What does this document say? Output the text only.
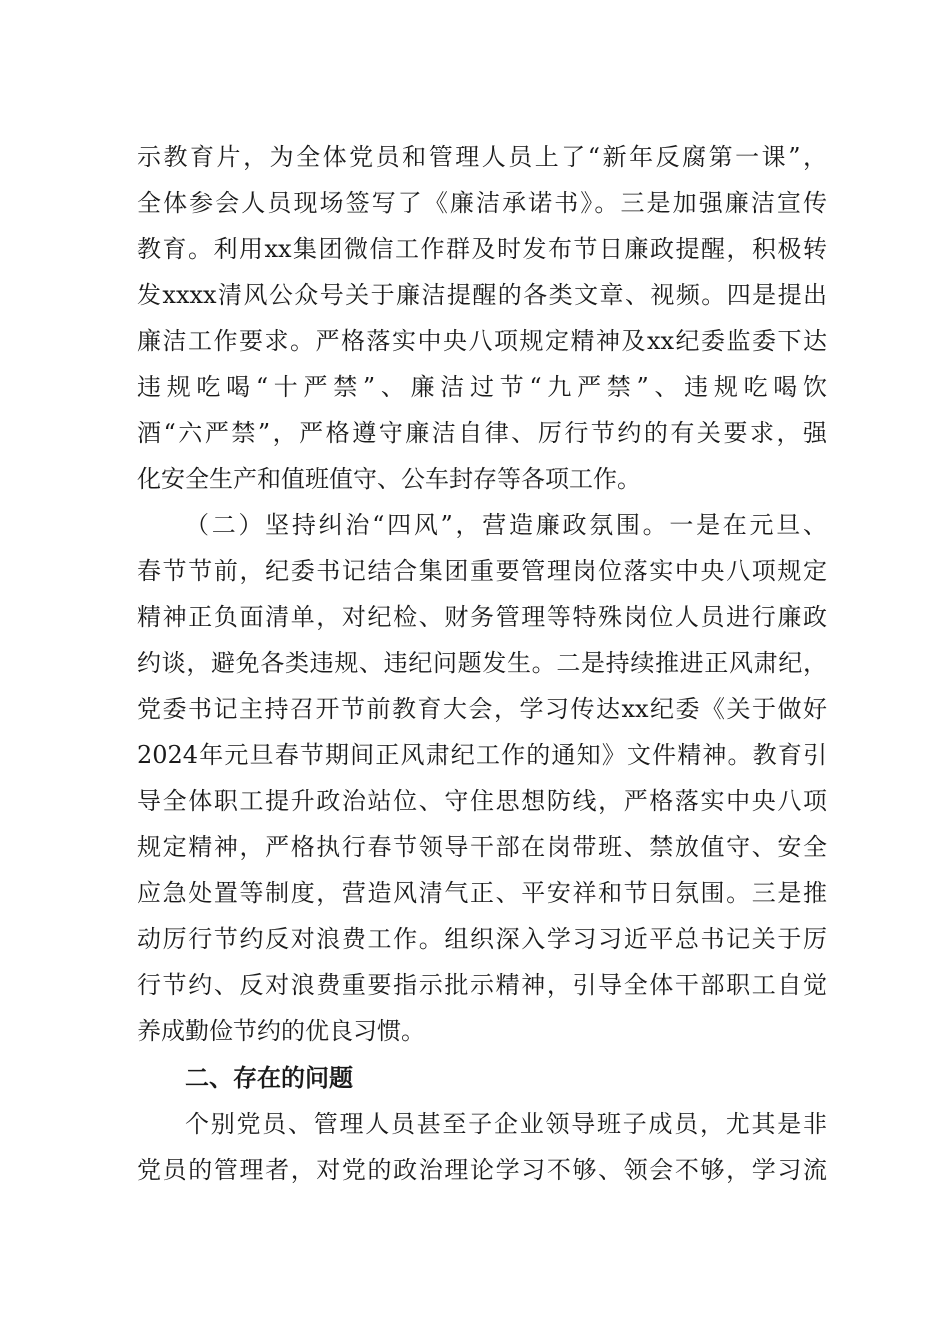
示教育片，为全体党员和管理人员上了“新年反腐第一课”，
全体参会人员现场签写了《廉洁承诺书》。三是加强廉洁宣传
教育。利用xx集团微信工作群及时发布节日廉政提醒，积极转
发xxxx清风公众号关于廉洁提醒的各类文章、视频。四是提出
廉洁工作要求。严格落实中央八项规定精神及xx纪委监委下达
违规吃喝“十严禁”、廉洁过节“九严禁”、违规吃喝饮
酒“六严禁”，严格遵守廉洁自律、厉行节约的有关要求，强
化安全生产和值班值守、公车封存等各项工作。
（二）坚持纠治“四风”，营造廉政氛围。一是在元旦、
春节节前，纪委书记结合集团重要管理岗位落实中央八项规定
精神正负面清单，对纪检、财务管理等特殊岗位人员进行廉政
约谈，避免各类违规、违纪问题发生。二是持续推进正风肃纪，
党委书记主持召开节前教育大会，学习传达xx纪委《关于做好
2024年元旦春节期间正风肃纪工作的通知》文件精神。教育引
导全体职工提升政治站位、守住思想防线，严格落实中央八项
规定精神，严格执行春节领导干部在岗带班、禁放值守、安全
应急处置等制度，营造风清气正、平安祥和节日氛围。三是推
动厉行节约反对浪费工作。组织深入学习习近平总书记关于厉
行节约、反对浪费重要指示批示精神，引导全体干部职工自觉
养成勤俭节约的优良习惯。
二、存在的问题
个别党员、管理人员甚至子企业领导班子成员，尤其是非
党员的管理者，对党的政治理论学习不够、领会不够，学习流
